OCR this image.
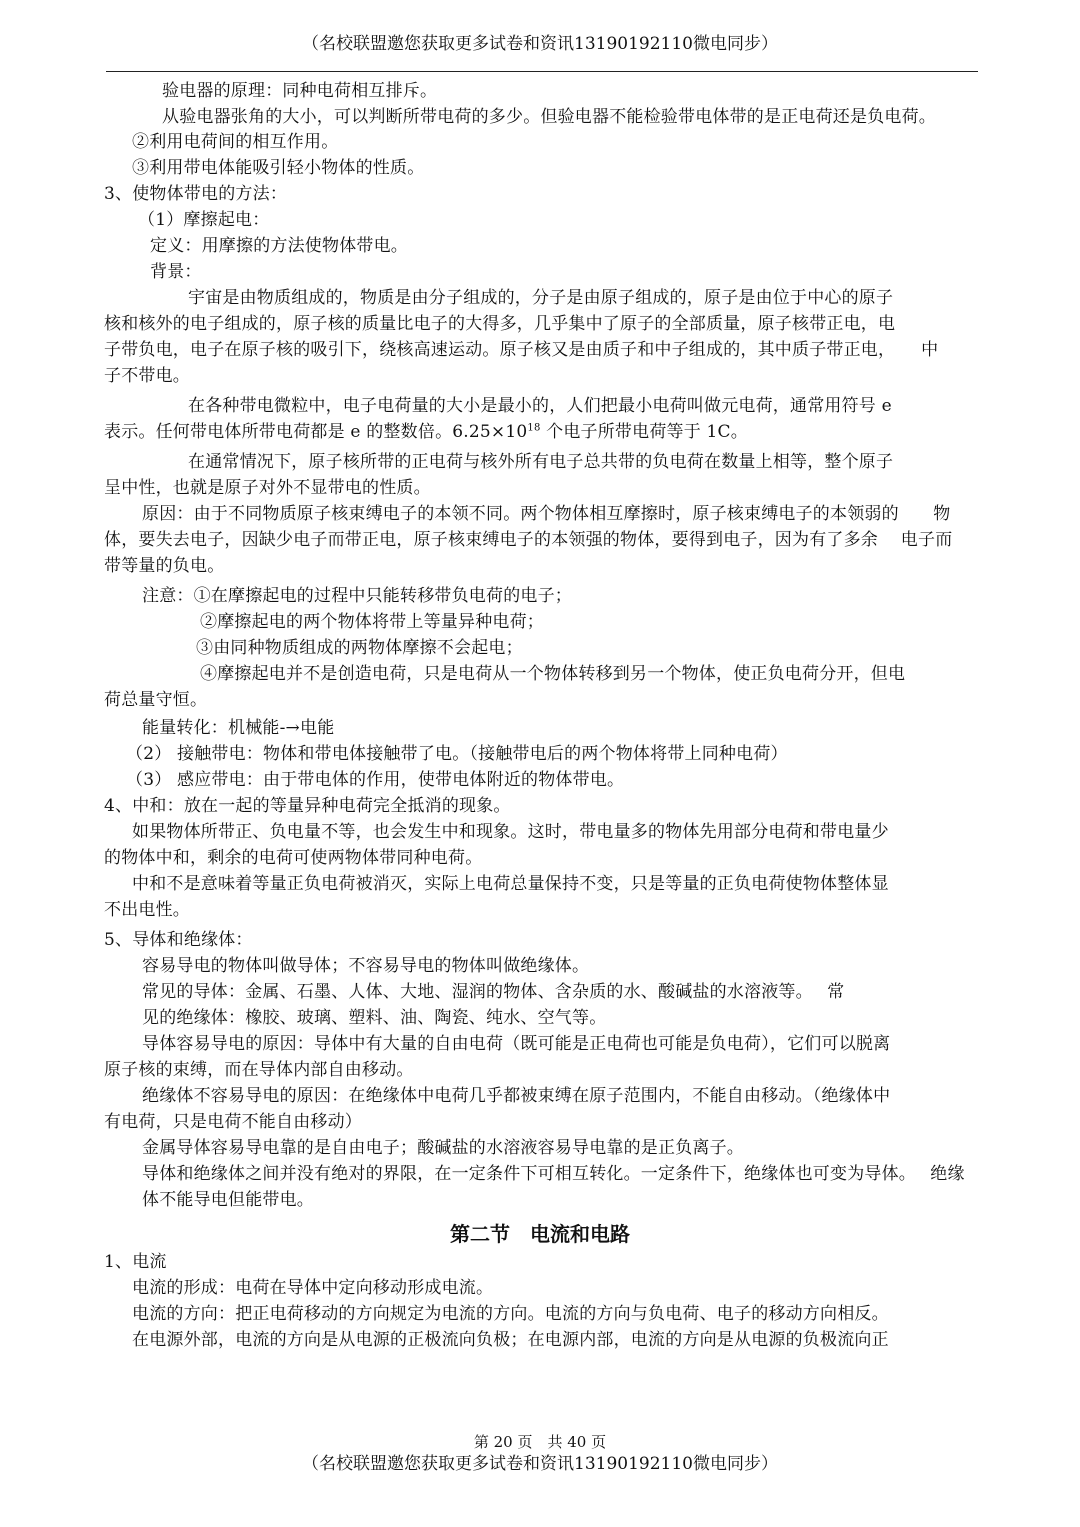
（名校联盟邀您获取更多试卷和资讯13190192110微电同步）
验电器的原理：同种电荷相互排斥。
从验电器张角的大小，可以判断所带电荷的多少。但验电器不能检验带电体带的是正电荷还是负电荷。
②利用电荷间的相互作用。
③利用带电体能吸引轻小物体的性质。
3、使物体带电的方法：
（1）摩擦起电：
定义：用摩擦的方法使物体带电。
背景：
宇宙是由物质组成的，物质是由分子组成的，分子是由原子组成的，原子是由位于中心的原子
核和核外的电子组成的，原子核的质量比电子的大得多，几乎集中了原子的全部质量，原子核带正电，电
子带负电，电子在原子核的吸引下，绕核高速运动。原子核又是由质子和中子组成的，其中质子带正电，　　中
子不带电。
在各种带电微粒中，电子电荷量的大小是最小的，人们把最小电荷叫做元电荷，通常用符号 e
表示。任何带电体所带电荷都是 e 的整数倍。$6.25\times 10^{18}$ 个电子所带电荷等于 1C。
在通常情况下，原子核所带的正电荷与核外所有电子总共带的负电荷在数量上相等，整个原子
呈中性，也就是原子对外不显带电的性质。
原因：由于不同物质原子核束缚电子的本领不同。两个物体相互摩擦时，原子核束缚电子的本领弱的　　物
体，要失去电子，因缺少电子而带正电，原子核束缚电子的本领强的物体，要得到电子，因为有了多余　 电子而
带等量的负电。
注意：①在摩擦起电的过程中只能转移带负电荷的电子；
②摩擦起电的两个物体将带上等量异种电荷；
③由同种物质组成的两物体摩擦不会起电；
④摩擦起电并不是创造电荷，只是电荷从一个物体转移到另一个物体，使正负电荷分开，但电
荷总量守恒。
能量转化：机械能-→电能
（2） 接触带电：物体和带电体接触带了电。（接触带电后的两个物体将带上同种电荷）
（3） 感应带电：由于带电体的作用，使带电体附近的物体带电。
4、中和：放在一起的等量异种电荷完全抵消的现象。
如果物体所带正、负电量不等，也会发生中和现象。这时，带电量多的物体先用部分电荷和带电量少
的物体中和，剩余的电荷可使两物体带同种电荷。
中和不是意味着等量正负电荷被消灭，实际上电荷总量保持不变，只是等量的正负电荷使物体整体显
不出电性。
5、导体和绝缘体：
容易导电的物体叫做导体；不容易导电的物体叫做绝缘体。
常见的导体：金属、石墨、人体、大地、湿润的物体、含杂质的水、酸碱盐的水溶液等。　 常
见的绝缘体：橡胶、玻璃、塑料、油、陶瓷、纯水、空气等。
导体容易导电的原因：导体中有大量的自由电荷（既可能是正电荷也可能是负电荷），它们可以脱离
原子核的束缚，而在导体内部自由移动。
绝缘体不容易导电的原因：在绝缘体中电荷几乎都被束缚在原子范围内，不能自由移动。（绝缘体中
有电荷，只是电荷不能自由移动）
金属导体容易导电靠的是自由电子；酸碱盐的水溶液容易导电靠的是正负离子。
导体和绝缘体之间并没有绝对的界限，在一定条件下可相互转化。一定条件下，绝缘体也可变为导体。　 绝缘
体不能导电但能带电。
第二节　电流和电路
1、电流
电流的形成：电荷在导体中定向移动形成电流。
电流的方向：把正电荷移动的方向规定为电流的方向。电流的方向与负电荷、电子的移动方向相反。
在电源外部，电流的方向是从电源的正极流向负极；在电源内部，电流的方向是从电源的负极流向正
第 20 页　共 40 页
（名校联盟邀您获取更多试卷和资讯13190192110微电同步）
